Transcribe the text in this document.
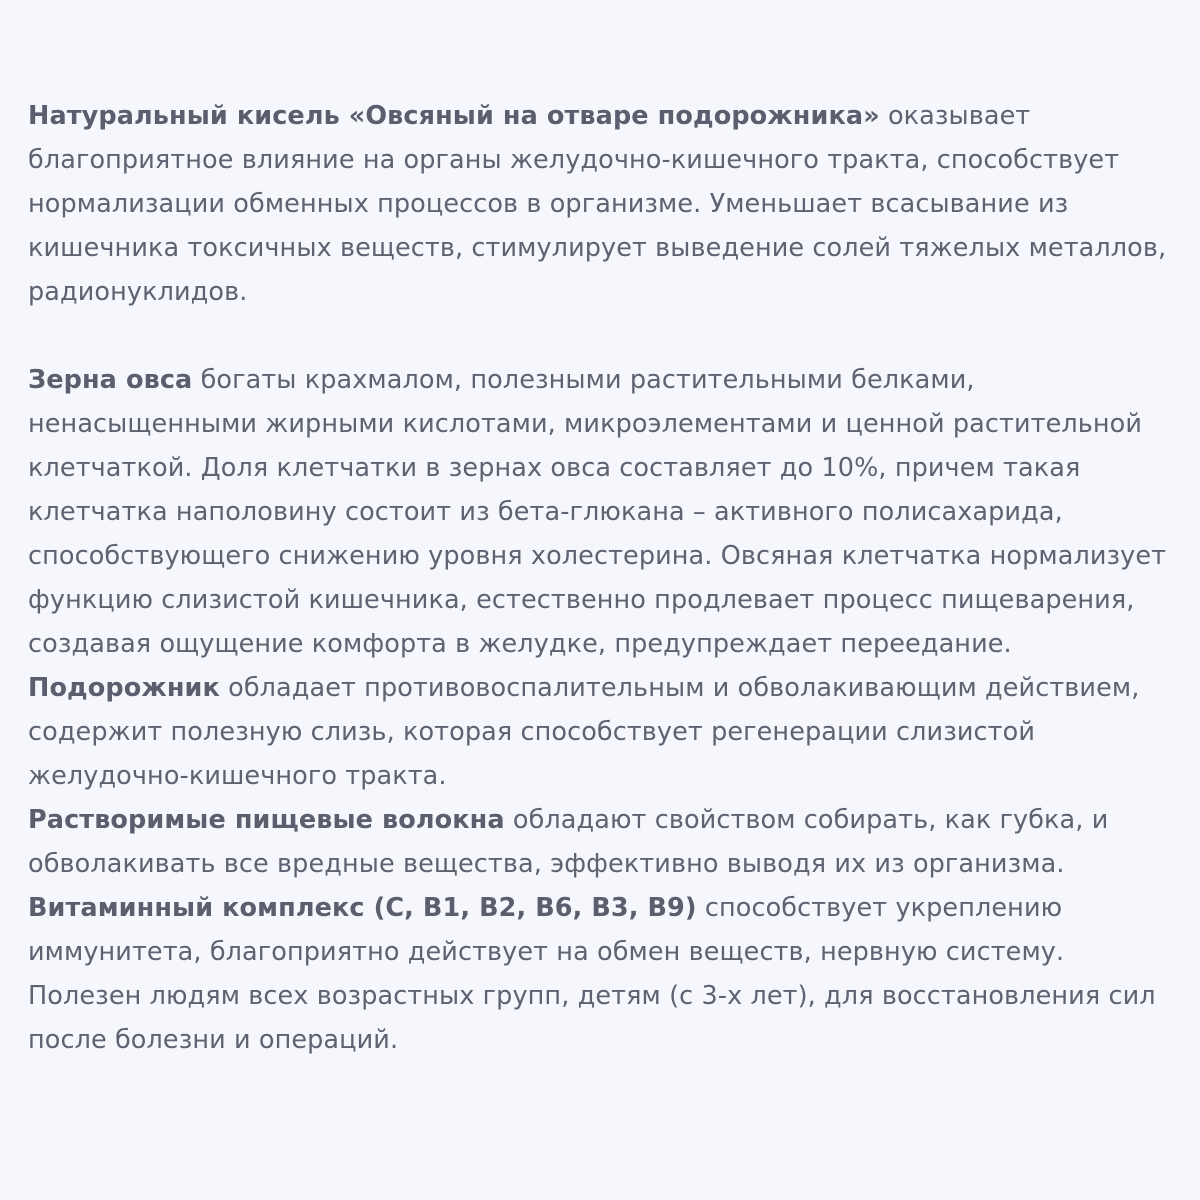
Натуральный кисель «Овсяный на отваре подорожника» оказывает благоприятное влияние на органы желудочно-кишечного тракта, способствует нормализации обменных процессов в организме. Уменьшает всасывание из кишечника токсичных веществ, стимулирует выведение солей тяжелых металлов, радионуклидов.

Зерна овса богаты крахмалом, полезными растительными белками, ненасыщенными жирными кислотами, микроэлементами и ценной растительной клетчаткой. Доля клетчатки в зернах овса составляет до 10%, причем такая клетчатка наполовину состоит из бета-глюкана – активного полисахарида, способствующего снижению уровня холестерина. Овсяная клетчатка нормализует функцию слизистой кишечника, естественно продлевает процесс пищеварения, создавая ощущение комфорта в желудке, предупреждает переедание.

Подорожник обладает противовоспалительным и обволакивающим действием, содержит полезную слизь, которая способствует регенерации слизистой желудочно-кишечного тракта.

Растворимые пищевые волокна обладают свойством собирать, как губка, и обволакивать все вредные вещества, эффективно выводя их из организма.

Витаминный комплекс (C, B1, B2, B6, B3, B9) способствует укреплению иммунитета, благоприятно действует на обмен веществ, нервную систему.

Полезен людям всех возрастных групп, детям (с 3-х лет), для восстановления сил после болезни и операций.
